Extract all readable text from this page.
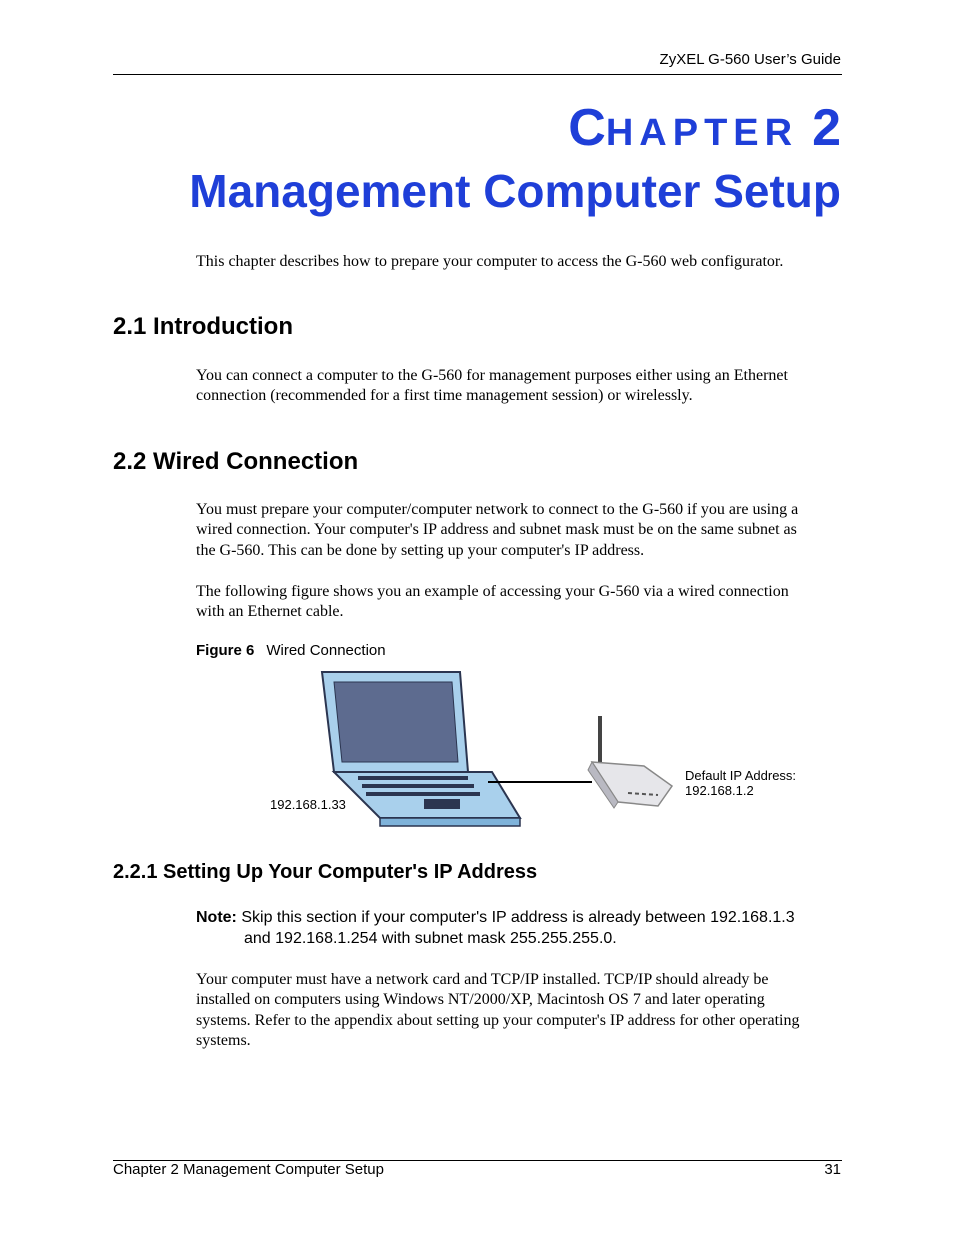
ZyXEL G-560 User’s Guide
CHAPTER 2
Management Computer Setup
This chapter describes how to prepare your computer to access the G-560 web configurator.
2.1 Introduction
You can connect a computer to the G-560 for management purposes either using an Ethernet
connection (recommended for a first time management session) or wirelessly.
2.2 Wired Connection
You must prepare your computer/computer network to connect to the G-560 if you are using a
wired connection. Your computer's IP address and subnet mask must be on the same subnet as
the G-560. This can be done by setting up your computer's IP address.
The following figure shows you an example of accessing your G-560 via a wired connection
with an Ethernet cable.
Figure 6 Wired Connection
192.168.1.33
Default IP Address:
192.168.1.2
2.2.1 Setting Up Your Computer's IP Address
Note: Skip this section if your computer's IP address is already between 192.168.1.3
and 192.168.1.254 with subnet mask 255.255.255.0.
Your computer must have a network card and TCP/IP installed. TCP/IP should already be
installed on computers using Windows NT/2000/XP, Macintosh OS 7 and later operating
systems. Refer to the appendix about setting up your computer's IP address for other operating
systems.
Chapter 2 Management Computer Setup	31
